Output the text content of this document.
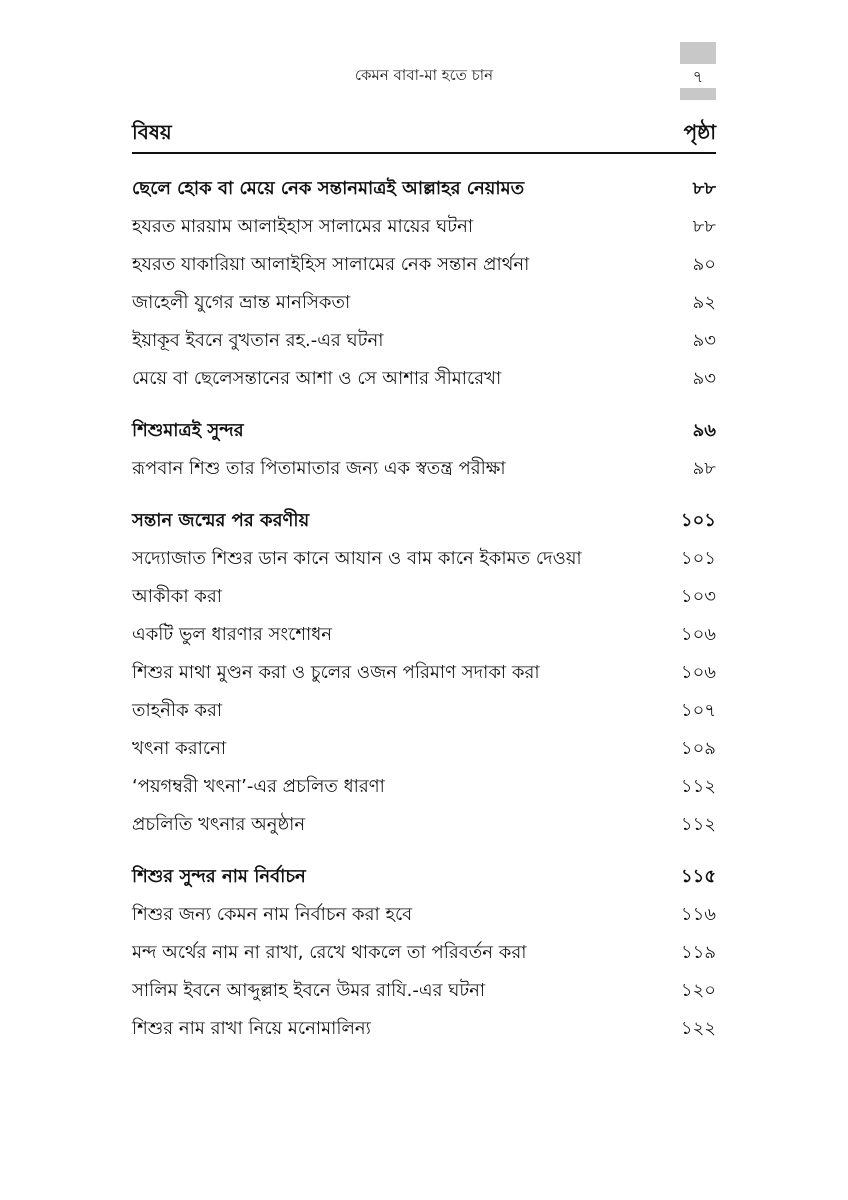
কেমন বাবা-মা হতে চান	৭
বিষয়	পৃষ্ঠা
ছেলে হোক বা মেয়ে নেক সন্তানমাত্রই আল্লাহর নেয়ামত	৮৮
হযরত মারয়াম আলাইহাস সালামের মায়ের ঘটনা	৮৮
হযরত যাকারিয়া আলাইহিস সালামের নেক সন্তান প্রার্থনা	৯০
জাহেলী যুগের ভ্রান্ত মানসিকতা	৯২
ইয়াকূব ইবনে বুখতান রহ.-এর ঘটনা	৯৩
মেয়ে বা ছেলেসন্তানের আশা ও সে আশার সীমারেখা	৯৩
শিশুমাত্রই সুন্দর	৯৬
রূপবান শিশু তার পিতামাতার জন্য এক স্বতন্ত্র পরীক্ষা	৯৮
সন্তান জন্মের পর করণীয়	১০১
সদ্যোজাত শিশুর ডান কানে আযান ও বাম কানে ইকামত দেওয়া	১০১
আকীকা করা	১০৩
একটি ভুল ধারণার সংশোধন	১০৬
শিশুর মাথা মুণ্ডন করা ও চুলের ওজন পরিমাণ সদাকা করা	১০৬
তাহনীক করা	১০৭
খৎনা করানো	১০৯
‘পয়গম্বরী খৎনা’-এর প্রচলিত ধারণা	১১২
প্রচলিতি খৎনার অনুষ্ঠান	১১২
শিশুর সুন্দর নাম নির্বাচন	১১৫
শিশুর জন্য কেমন নাম নির্বাচন করা হবে	১১৬
মন্দ অর্থের নাম না রাখা, রেখে থাকলে তা পরিবর্তন করা	১১৯
সালিম ইবনে আব্দুল্লাহ ইবনে উমর রাযি.-এর ঘটনা	১২০
শিশুর নাম রাখা নিয়ে মনোমালিন্য	১২২
